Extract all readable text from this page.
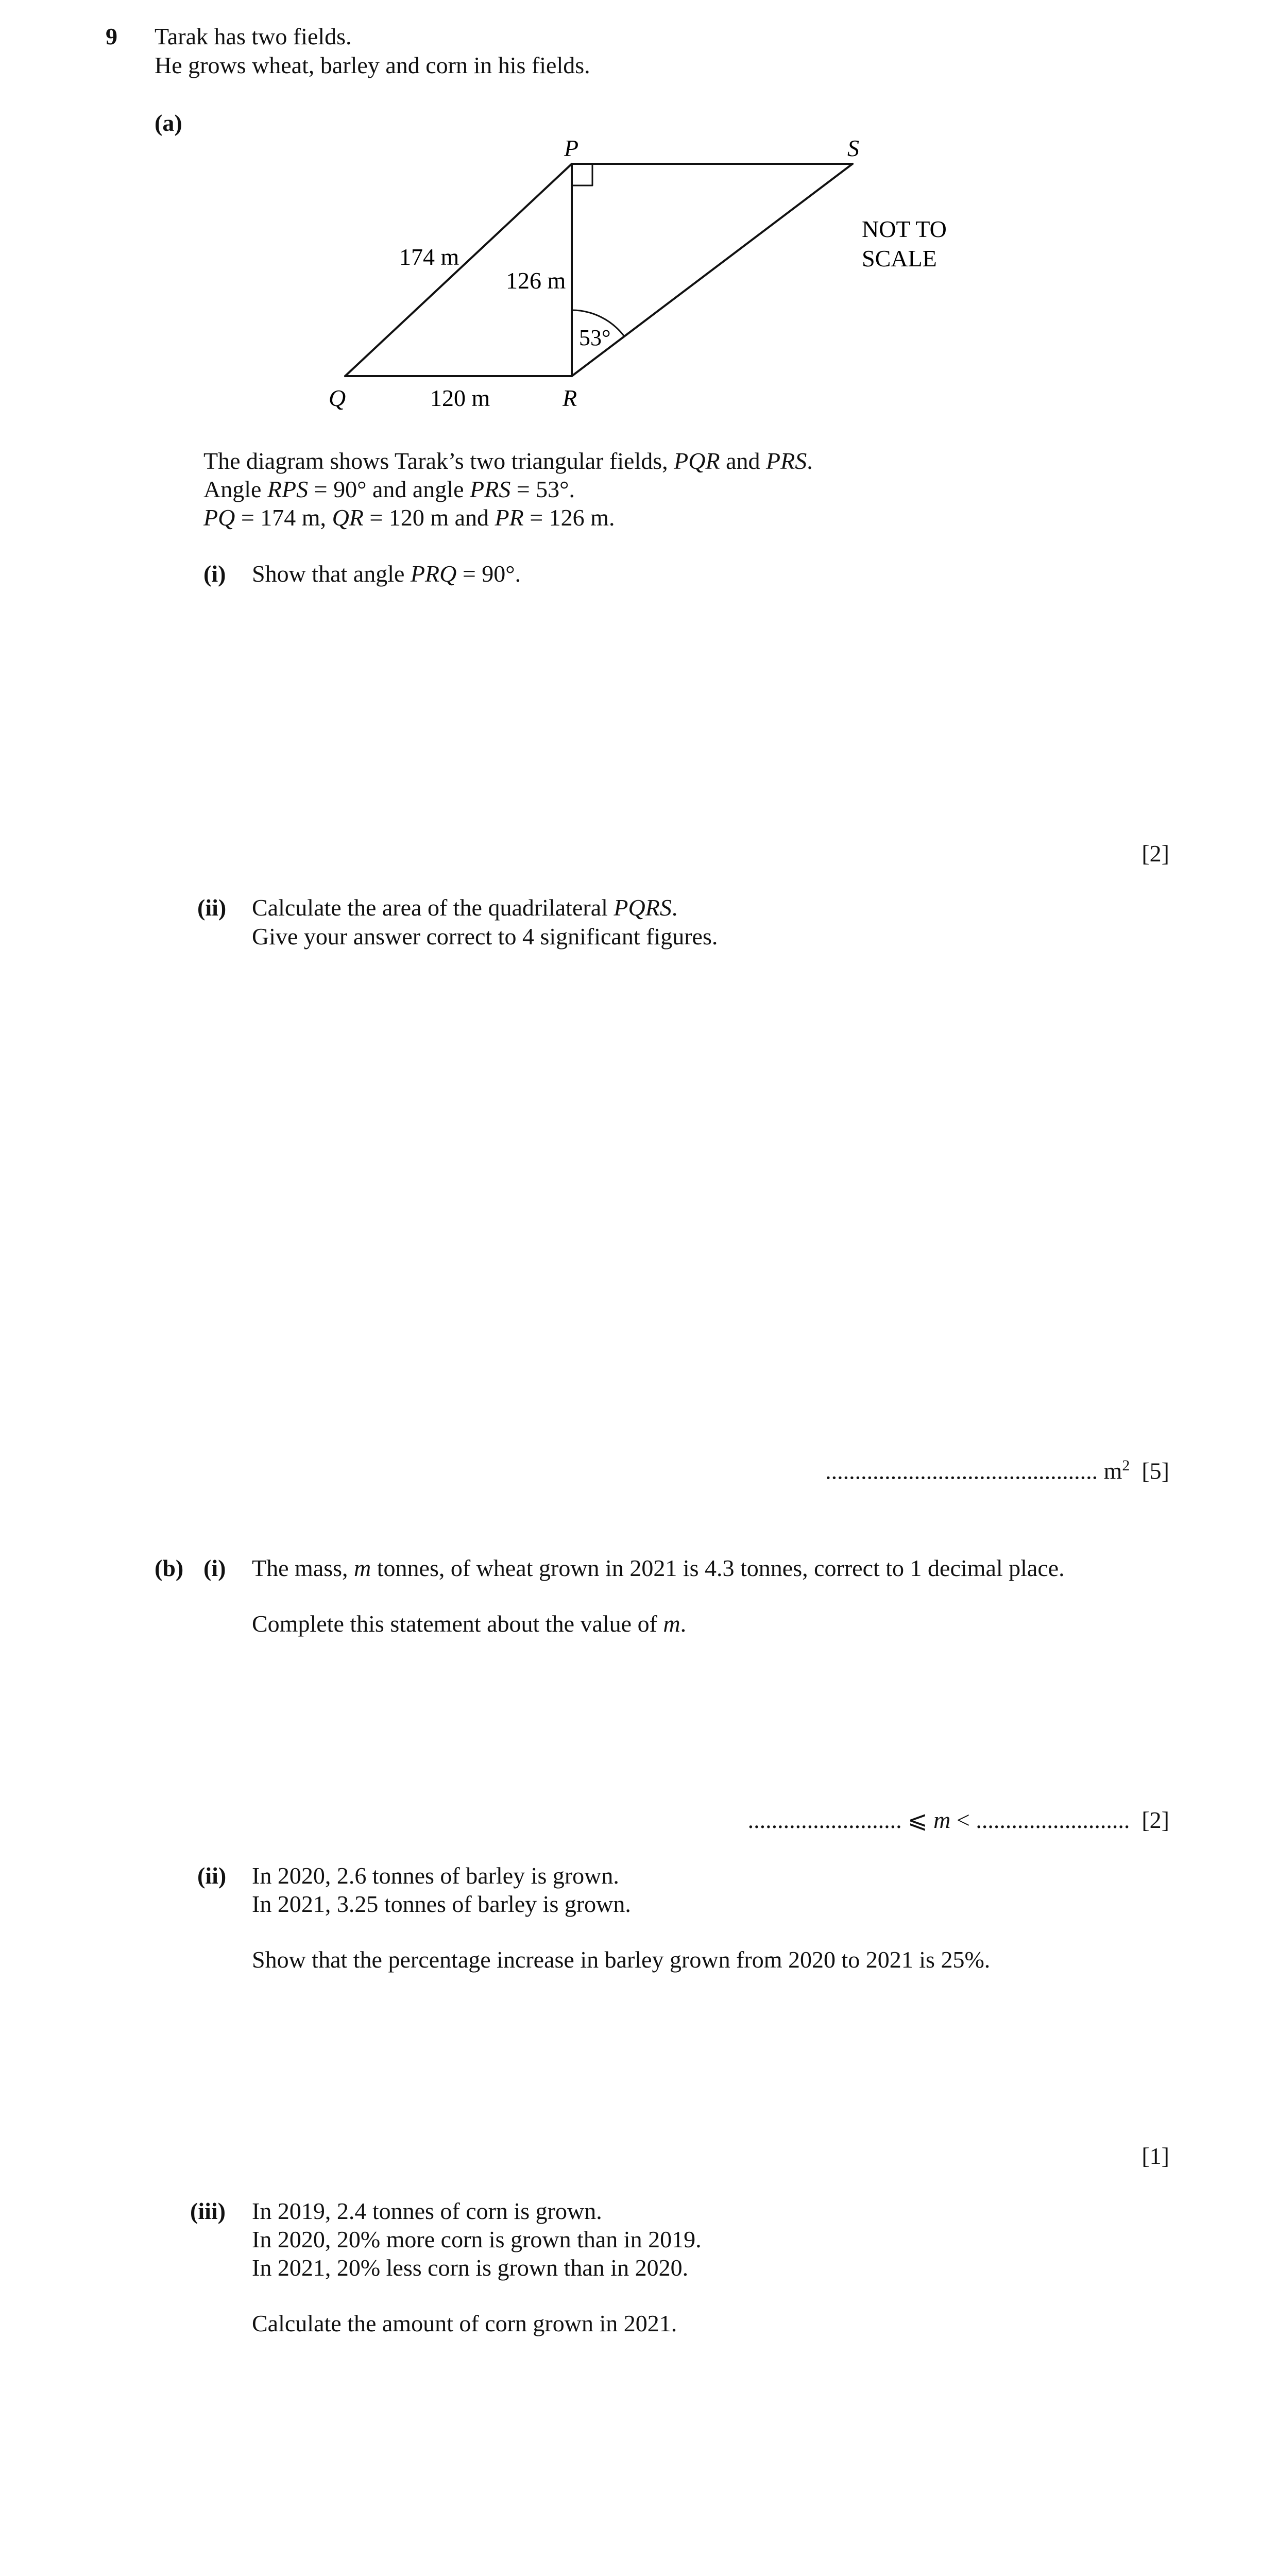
9 Tarak has two fields.
He grows wheat, barley and corn in his fields.
(a)
P	S
Q	R
174 m
126 m
120 m
53°
NOT TO
SCALE
The diagram shows Tarak’s two triangular fields, PQR and PRS.
Angle RPS = 90° and angle PRS = 53°.
PQ = 174 m, QR = 120 m and PR = 126 m.
(i) Show that angle PRQ = 90°.
[2]
(ii) Calculate the area of the quadrilateral PQRS.
Give your answer correct to 4 significant figures.
.............................................. $m^2$ [5]
(b) (i) The mass, m tonnes, of wheat grown in 2021 is 4.3 tonnes, correct to 1 decimal place.
Complete this statement about the value of m.
.......................... ⩽ m < .......................... [2]
(ii) In 2020, 2.6 tonnes of barley is grown.
In 2021, 3.25 tonnes of barley is grown.
Show that the percentage increase in barley grown from 2020 to 2021 is 25%.
[1]
(iii) In 2019, 2.4 tonnes of corn is grown.
In 2020, 20% more corn is grown than in 2019.
In 2021, 20% less corn is grown than in 2020.
Calculate the amount of corn grown in 2021.
